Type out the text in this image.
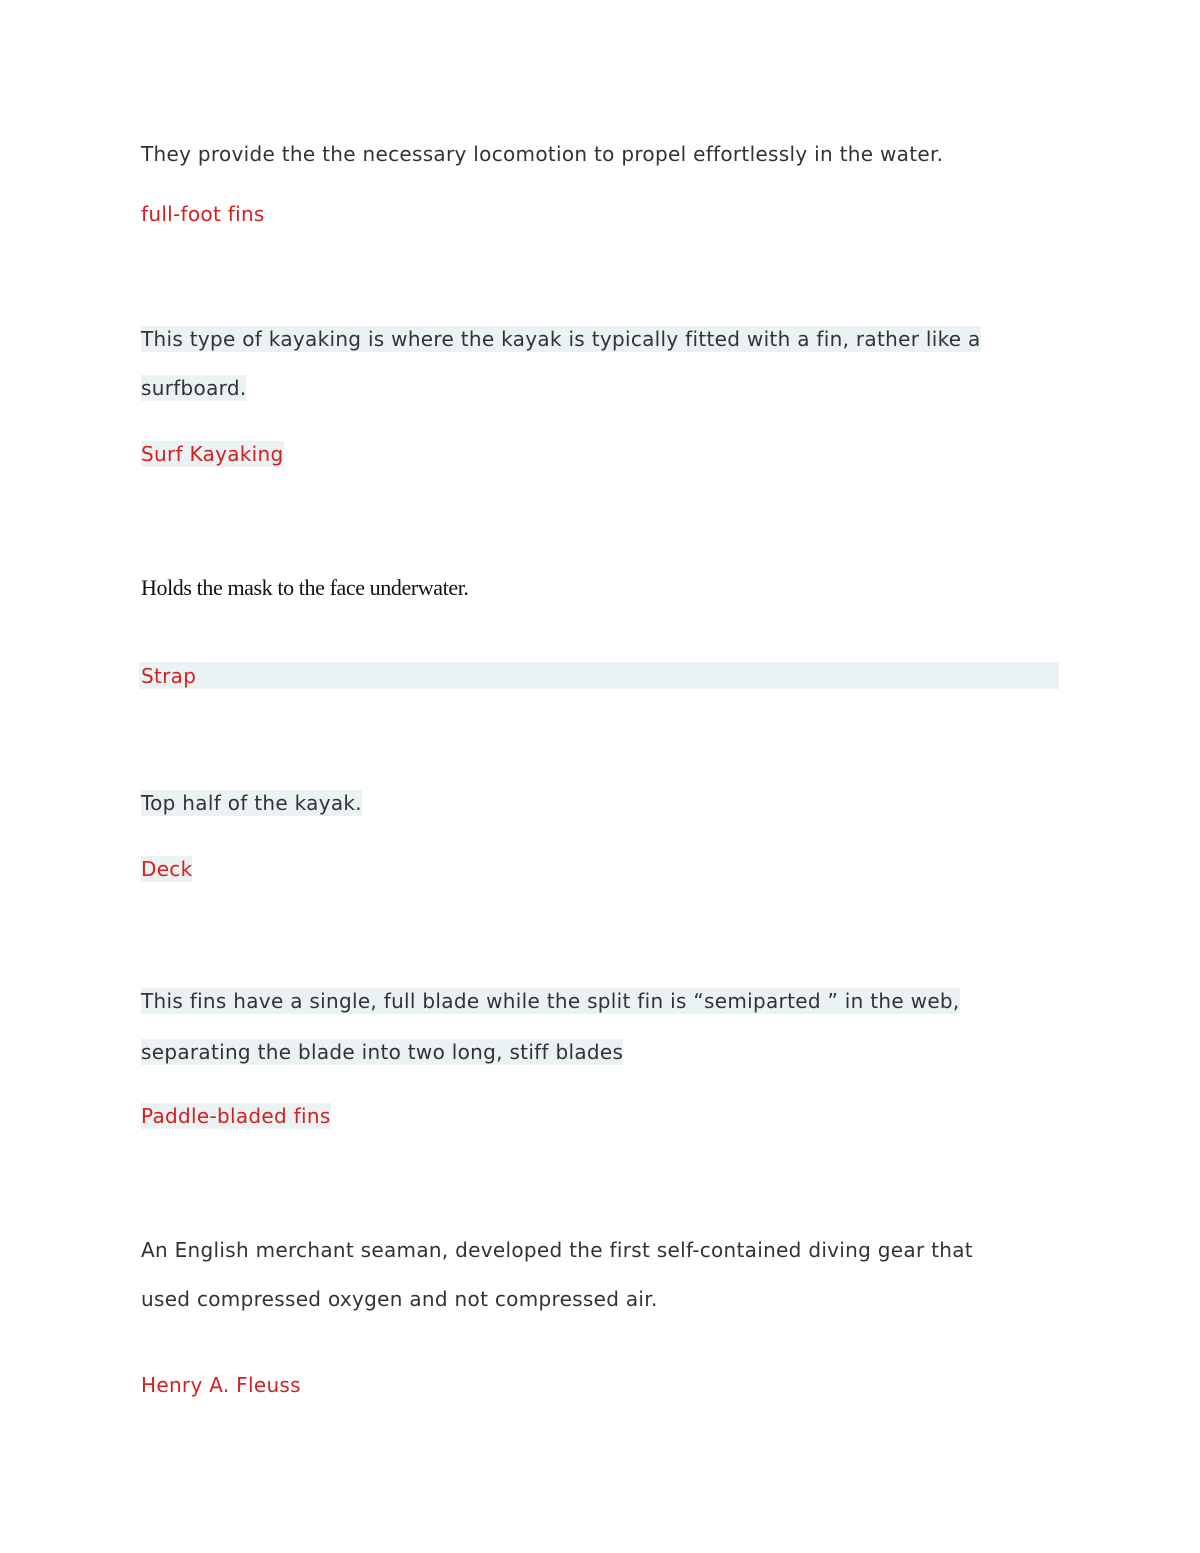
They provide the the necessary locomotion to propel effortlessly in the water.
full-foot fins
This type of kayaking is where the kayak is typically fitted with a fin, rather like a
surfboard.
Surf Kayaking
Holds the mask to the face underwater.
Strap
Top half of the kayak.
Deck
This fins have a single, full blade while the split fin is “semiparted ” in the web,
separating the blade into two long, stiff blades
Paddle-bladed fins
An English merchant seaman, developed the first self-contained diving gear that
used compressed oxygen and not compressed air.
Henry A. Fleuss
